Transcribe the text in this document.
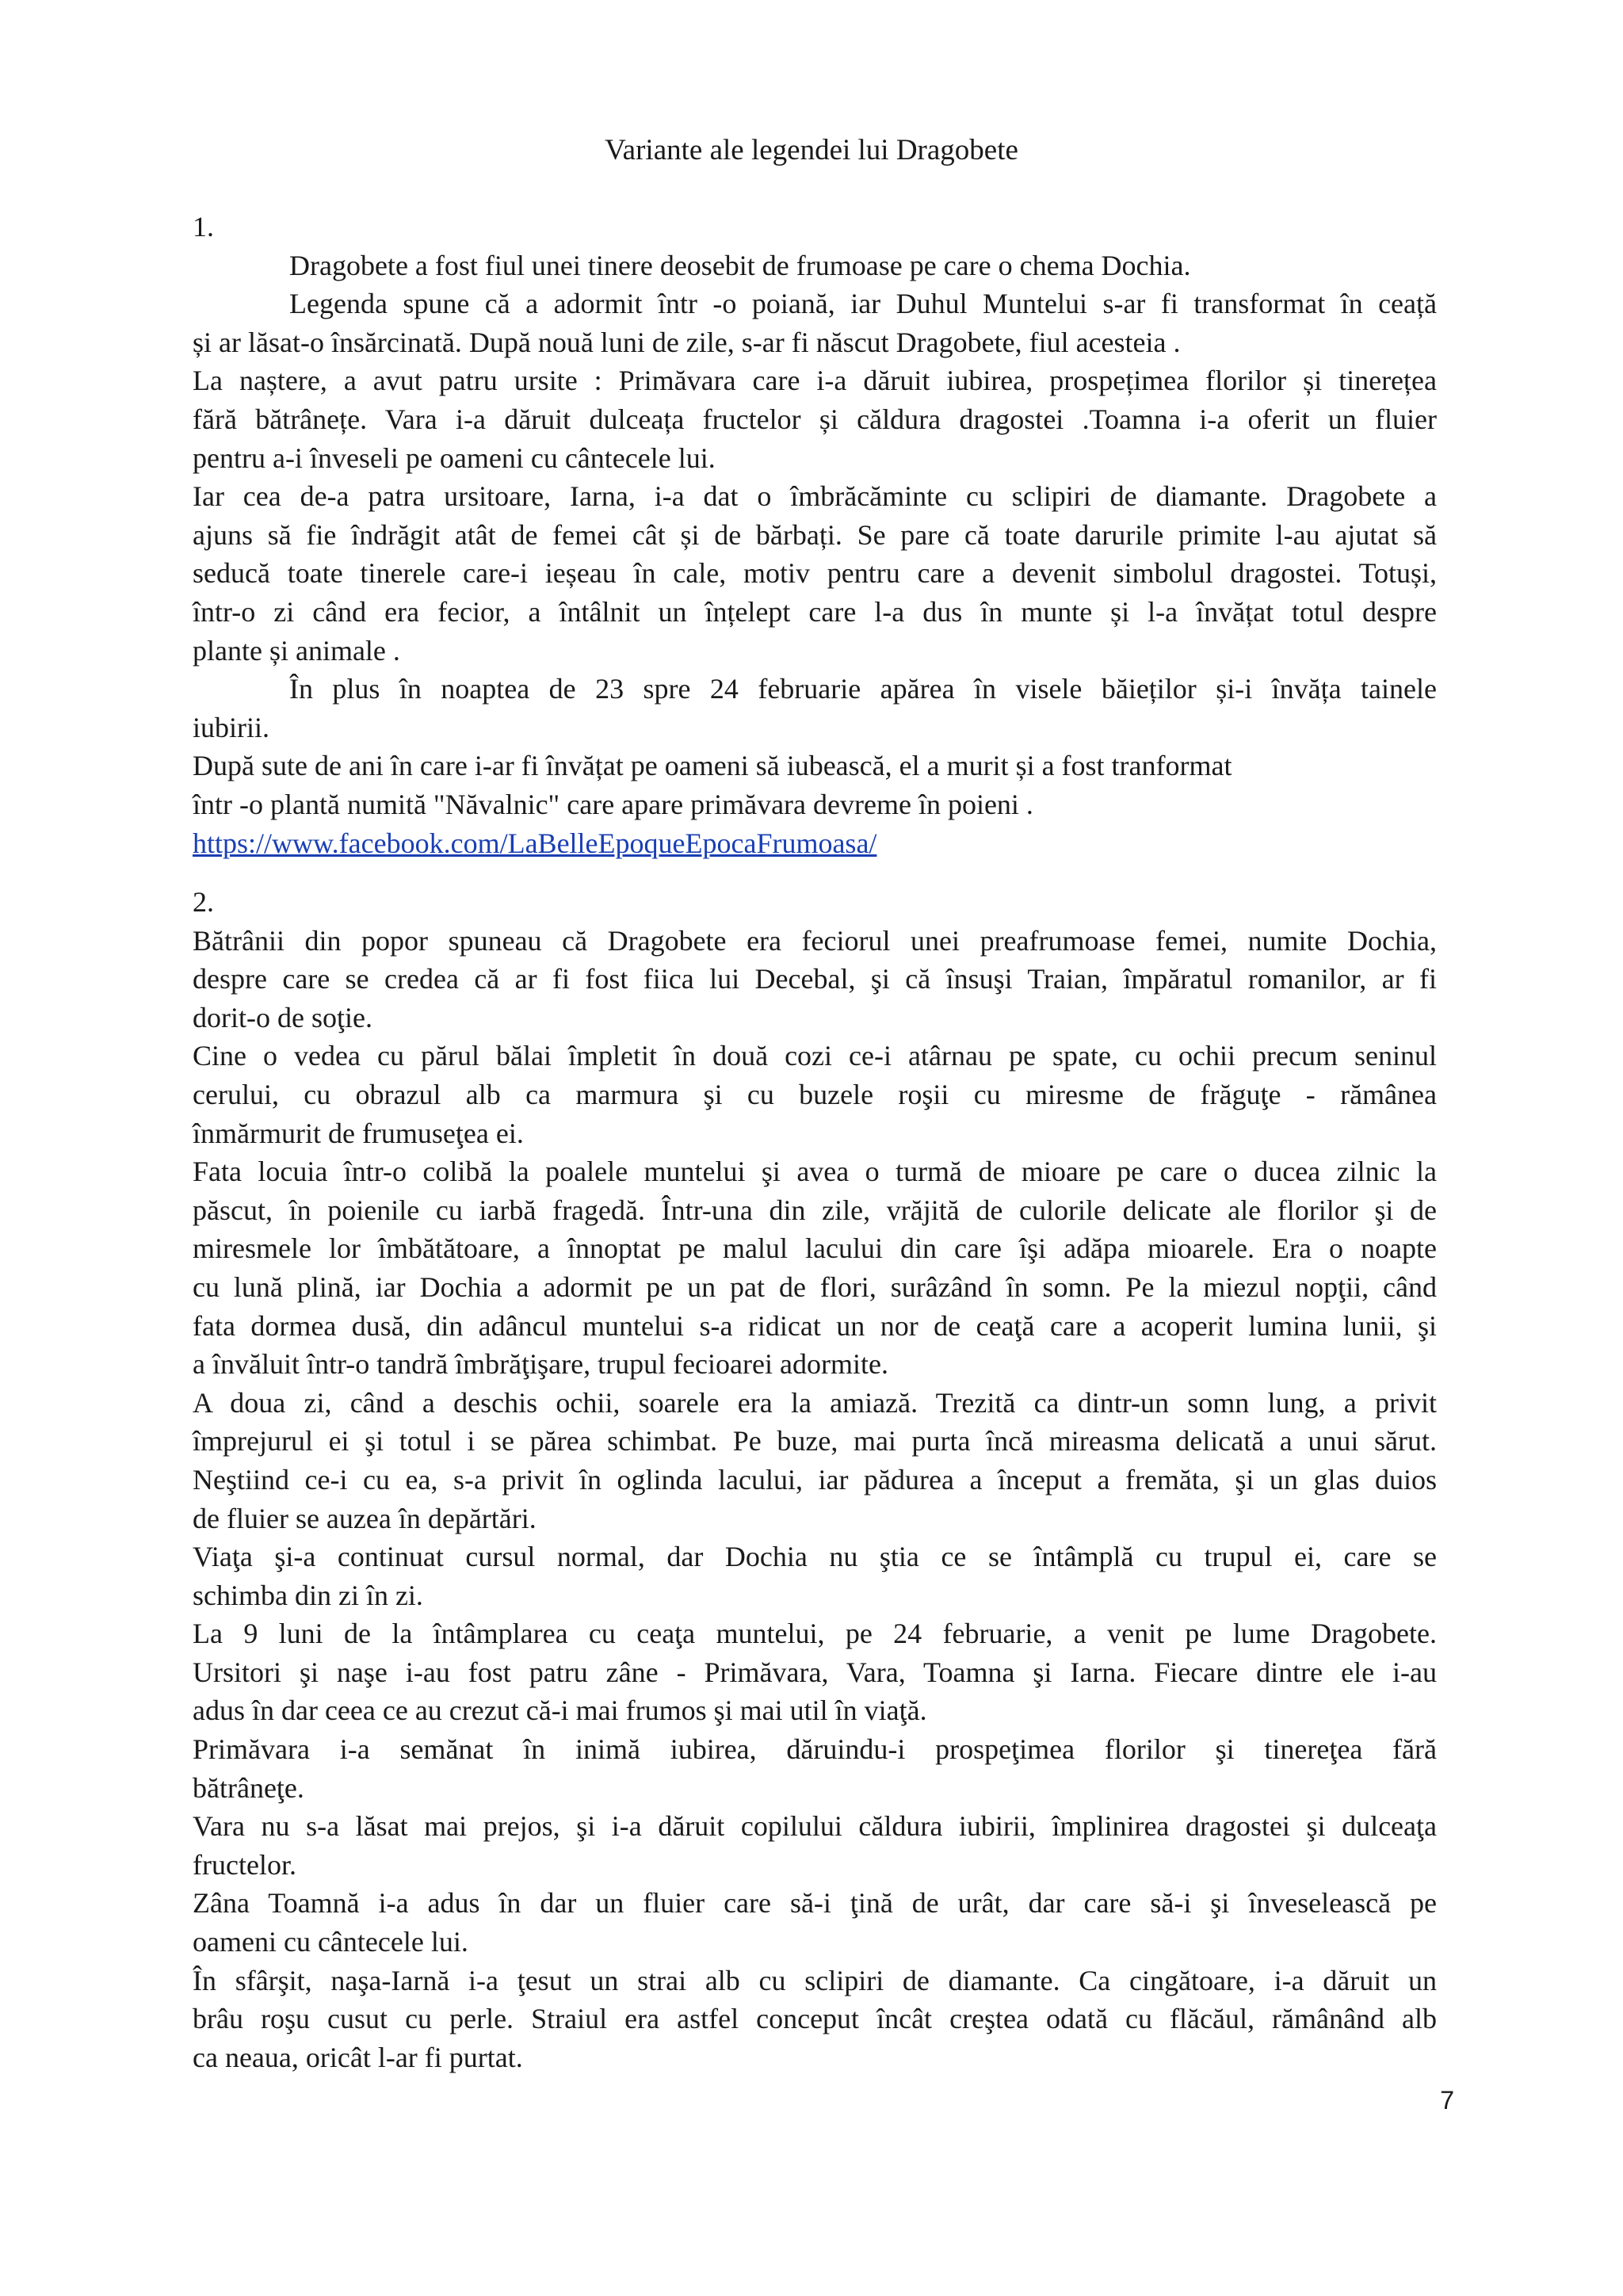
Variante ale legendei lui Dragobete
1.
Dragobete a fost fiul unei tinere deosebit de frumoase pe care o chema Dochia.
Legenda spune că a adormit într -o poiană, iar Duhul Muntelui s-ar fi transformat în ceață
și ar lăsat-o însărcinată. După nouă luni de zile, s-ar fi născut Dragobete, fiul acesteia .
La naștere, a avut patru ursite : Primăvara care i-a dăruit iubirea, prospețimea florilor și tinerețea
fără bătrânețe. Vara i-a dăruit dulceața fructelor și căldura dragostei .Toamna i-a oferit un fluier
pentru a-i înveseli pe oameni cu cântecele lui.
Iar cea de-a patra ursitoare, Iarna, i-a dat o îmbrăcăminte cu sclipiri de diamante. Dragobete a
ajuns să fie îndrăgit atât de femei cât și de bărbați. Se pare că toate darurile primite l-au ajutat să
seducă toate tinerele care-i ieșeau în cale, motiv pentru care a devenit simbolul dragostei. Totuși,
într-o zi când era fecior, a întâlnit un înțelept care l-a dus în munte și l-a învățat totul despre
plante și animale .
În plus în noaptea de 23 spre 24 februarie apărea în visele băieților și-i învăța tainele
iubirii.
După sute de ani în care i-ar fi învățat pe oameni să iubească, el a murit și a fost tranformat
într -o plantă numită "Năvalnic" care apare primăvara devreme în poieni .
https://www.facebook.com/LaBelleEpoqueEpocaFrumoasa/
2.
Bătrânii din popor spuneau că Dragobete era feciorul unei preafrumoase femei, numite Dochia,
despre care se credea că ar fi fost fiica lui Decebal, şi că însuşi Traian, împăratul romanilor, ar fi
dorit-o de soţie.
Cine o vedea cu părul bălai împletit în două cozi ce-i atârnau pe spate, cu ochii precum seninul
cerului, cu obrazul alb ca marmura şi cu buzele roşii cu miresme de frăguţe - rămânea
înmărmurit de frumuseţea ei.
Fata locuia într-o colibă la poalele muntelui şi avea o turmă de mioare pe care o ducea zilnic la
păscut, în poienile cu iarbă fragedă. Într-una din zile, vrăjită de culorile delicate ale florilor şi de
miresmele lor îmbătătoare, a înnoptat pe malul lacului din care îşi adăpa mioarele. Era o noapte
cu lună plină, iar Dochia a adormit pe un pat de flori, surâzând în somn. Pe la miezul nopţii, când
fata dormea dusă, din adâncul muntelui s-a ridicat un nor de ceaţă care a acoperit lumina lunii, şi
a învăluit într-o tandră îmbrăţişare, trupul fecioarei adormite.
A doua zi, când a deschis ochii, soarele era la amiază. Trezită ca dintr-un somn lung, a privit
împrejurul ei şi totul i se părea schimbat. Pe buze, mai purta încă mireasma delicată a unui sărut.
Neştiind ce-i cu ea, s-a privit în oglinda lacului, iar pădurea a început a fremăta, şi un glas duios
de fluier se auzea în depărtări.
Viaţa şi-a continuat cursul normal, dar Dochia nu ştia ce se întâmplă cu trupul ei, care se
schimba din zi în zi.
La 9 luni de la întâmplarea cu ceaţa muntelui, pe 24 februarie, a venit pe lume Dragobete.
Ursitori şi naşe i-au fost patru zâne - Primăvara, Vara, Toamna şi Iarna. Fiecare dintre ele i-au
adus în dar ceea ce au crezut că-i mai frumos şi mai util în viaţă.
Primăvara i-a semănat în inimă iubirea, dăruindu-i prospeţimea florilor şi tinereţea fără
bătrâneţe.
Vara nu s-a lăsat mai prejos, şi i-a dăruit copilului căldura iubirii, împlinirea dragostei şi dulceaţa
fructelor.
Zâna Toamnă i-a adus în dar un fluier care să-i ţină de urât, dar care să-i şi înveselească pe
oameni cu cântecele lui.
În sfârşit, naşa-Iarnă i-a ţesut un strai alb cu sclipiri de diamante. Ca cingătoare, i-a dăruit un
brâu roşu cusut cu perle. Straiul era astfel conceput încât creştea odată cu flăcăul, rămânând alb
ca neaua, oricât l-ar fi purtat.
7
